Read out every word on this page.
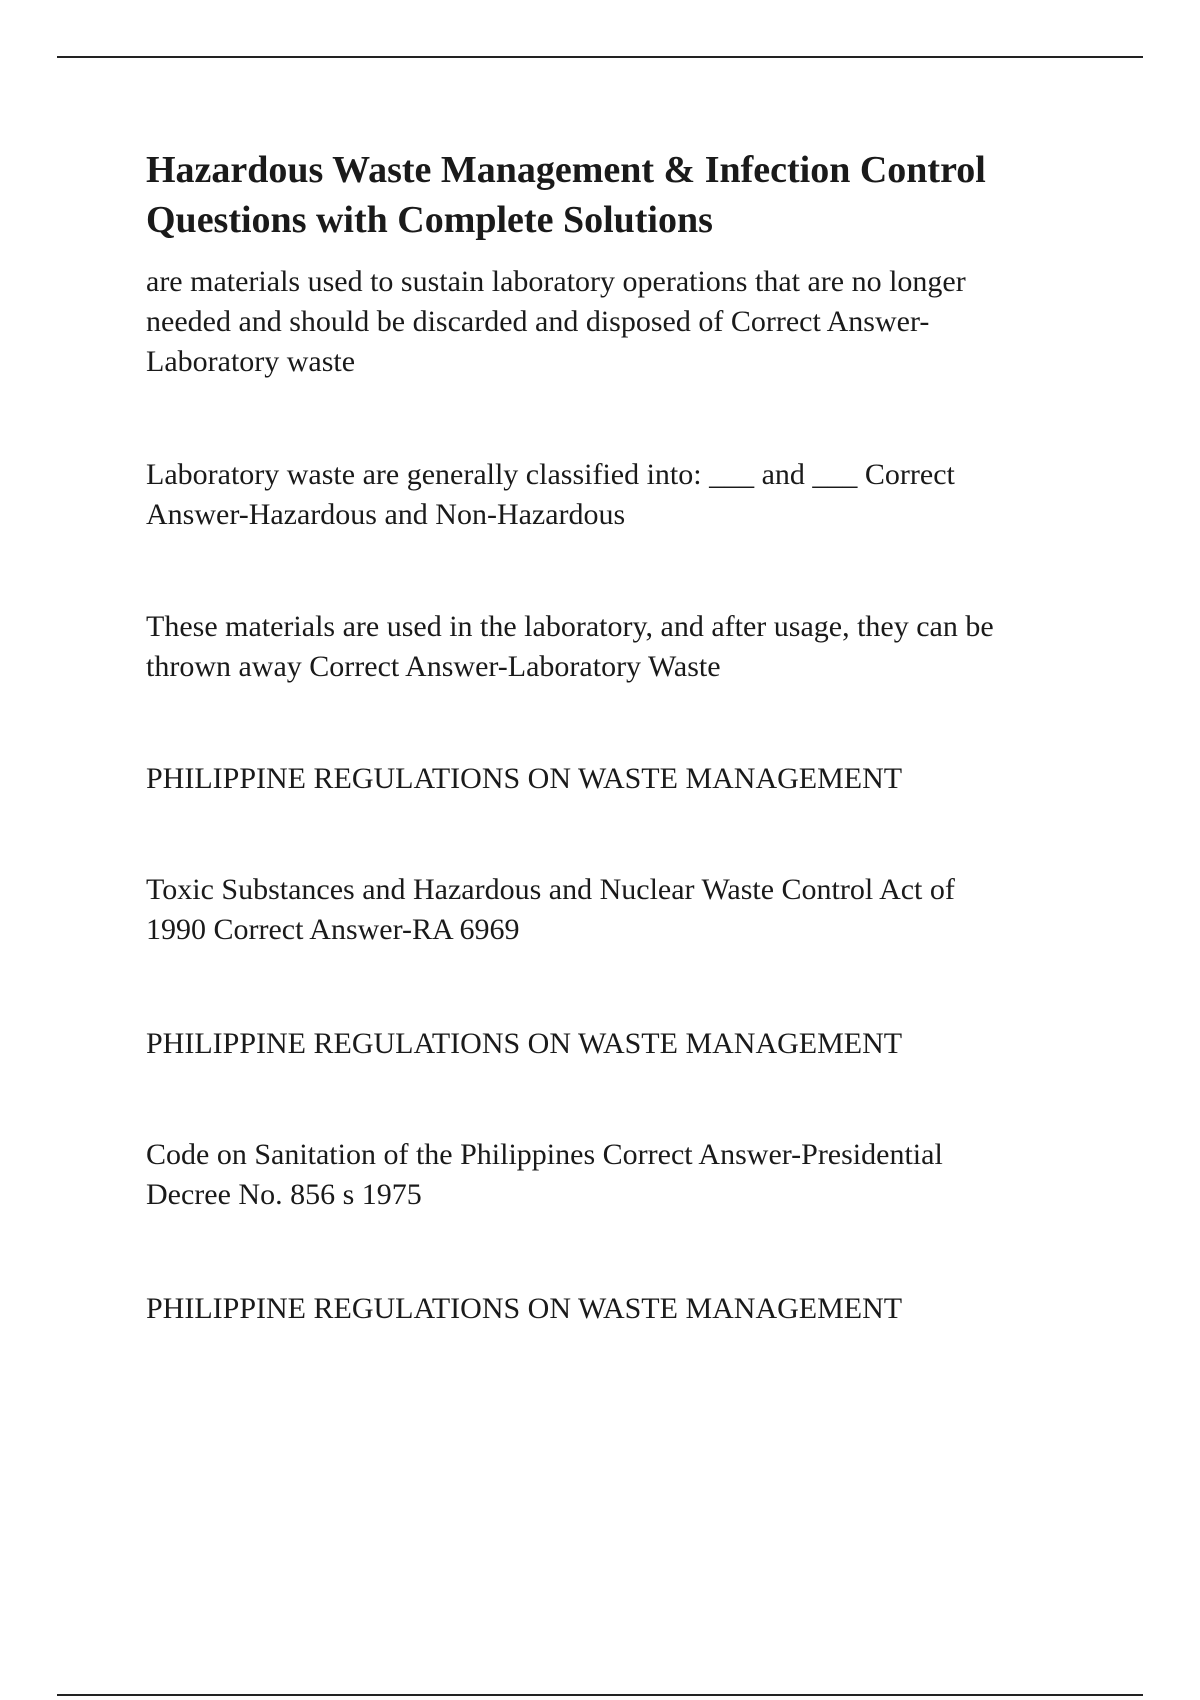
Hazardous Waste Management & Infection Control
Questions with Complete Solutions

are materials used to sustain laboratory operations that are no longer
needed and should be discarded and disposed of Correct Answer-
Laboratory waste

Laboratory waste are generally classified into: ___ and ___ Correct
Answer-Hazardous and Non-Hazardous

These materials are used in the laboratory, and after usage, they can be
thrown away Correct Answer-Laboratory Waste

PHILIPPINE REGULATIONS ON WASTE MANAGEMENT

Toxic Substances and Hazardous and Nuclear Waste Control Act of
1990 Correct Answer-RA 6969

PHILIPPINE REGULATIONS ON WASTE MANAGEMENT

Code on Sanitation of the Philippines Correct Answer-Presidential
Decree No. 856 s 1975

PHILIPPINE REGULATIONS ON WASTE MANAGEMENT
